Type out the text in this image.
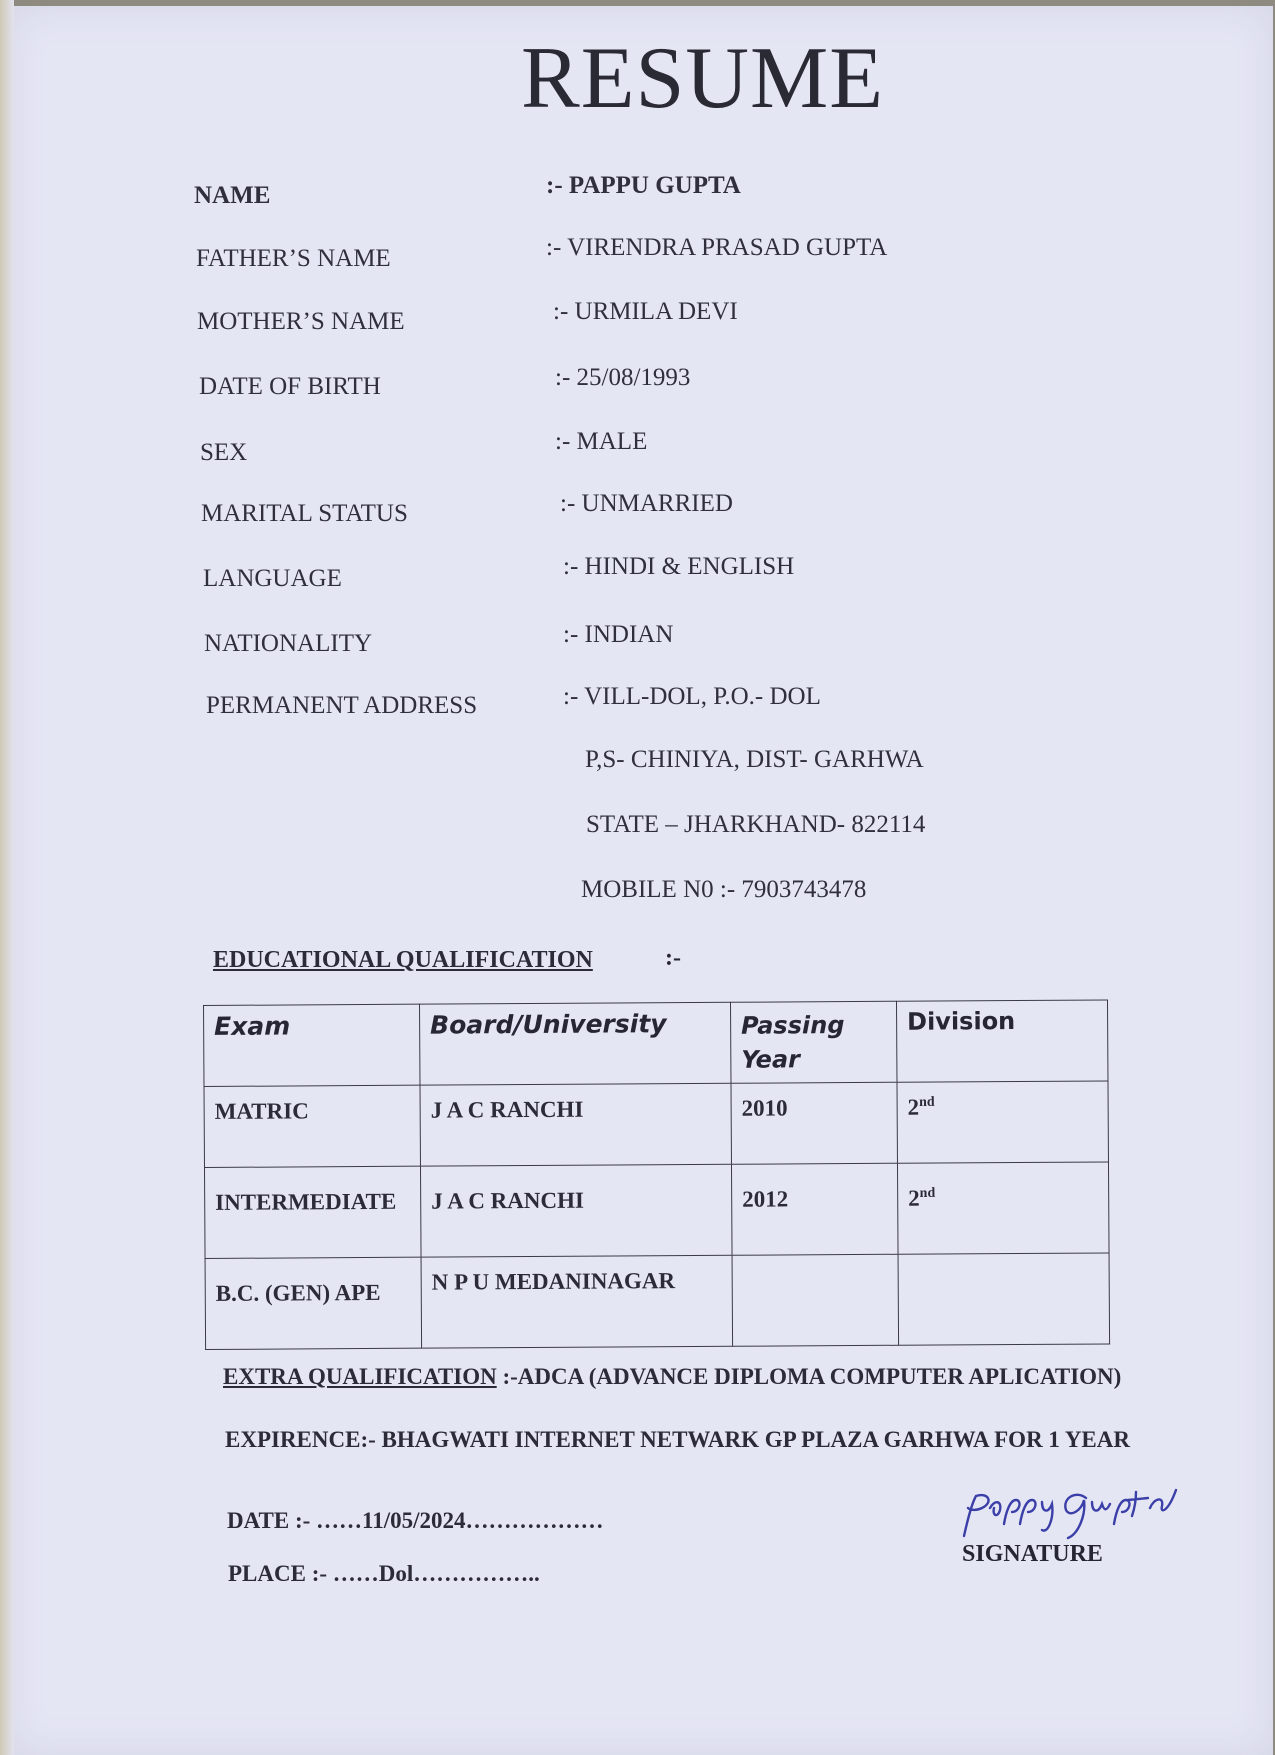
RESUME
NAME	:- PAPPU GUPTA
FATHER’S NAME	:- VIRENDRA PRASAD GUPTA
MOTHER’S NAME	:- URMILA DEVI
DATE OF BIRTH	:- 25/08/1993
SEX	:- MALE
MARITAL STATUS	:- UNMARRIED
LANGUAGE	:- HINDI & ENGLISH
NATIONALITY	:- INDIAN
PERMANENT ADDRESS	:- VILL-DOL, P.O.- DOL
P,S- CHINIYA, DIST- GARHWA
STATE – JHARKHAND- 822114
MOBILE N0 :- 7903743478
EDUCATIONAL QUALIFICATION	:-
Exam	Board/University	Passing Year	Division
MATRIC	J A C RANCHI	2010	2nd
INTERMEDIATE	J A C RANCHI	2012	2nd
B.C. (GEN) APE	N P U MEDANINAGAR		
EXTRA QUALIFICATION :-ADCA (ADVANCE DIPLOMA COMPUTER APLICATION)
EXPIRENCE:- BHAGWATI INTERNET NETWARK GP PLAZA GARHWA FOR 1 YEAR
DATE :- ……11/05/2024………………
PLACE :- ……Dol……………..
SIGNATURE
